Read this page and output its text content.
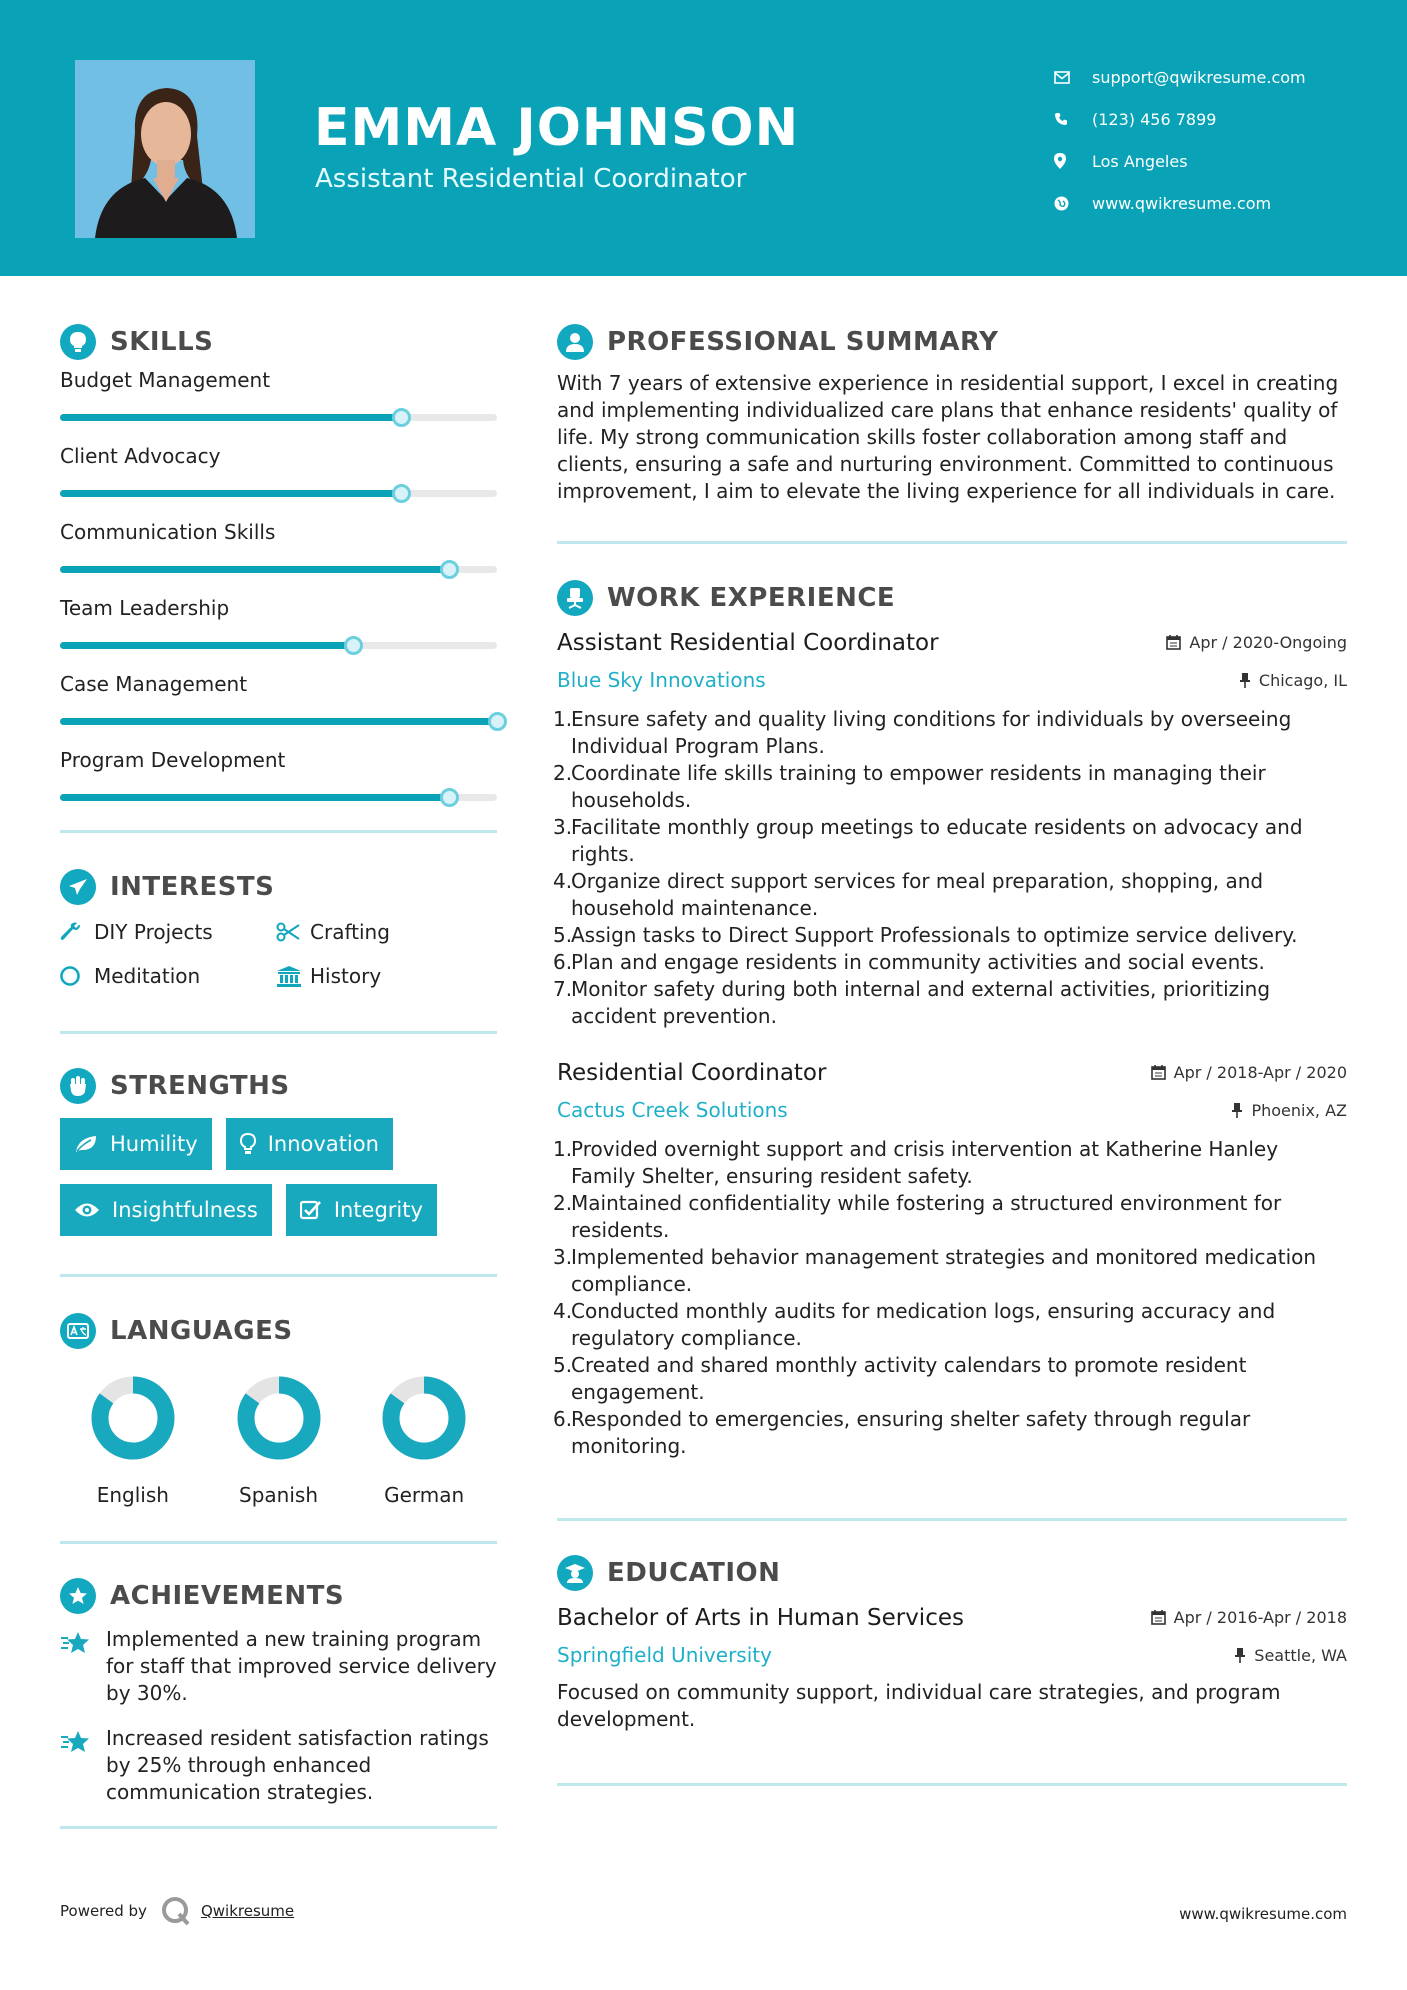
EMMA JOHNSON
Assistant Residential Coordinator
support@qwikresume.com
(123) 456 7899
Los Angeles
www.qwikresume.com
SKILLS
Budget Management
Client Advocacy
Communication Skills
Team Leadership
Case Management
Program Development
INTERESTS
DIY Projects	Crafting
Meditation	History
STRENGTHS
Humility	Innovation
Insightfulness	Integrity
LANGUAGES
English	Spanish	German
ACHIEVEMENTS
Implemented a new training program for staff that improved service delivery by 30%.
Increased resident satisfaction ratings by 25% through enhanced communication strategies.
PROFESSIONAL SUMMARY

With 7 years of extensive experience in residential support, I excel in creating and implementing individualized care plans that enhance residents' quality of life. My strong communication skills foster collaboration among staff and clients, ensuring a safe and nurturing environment. Committed to continuous improvement, I aim to elevate the living experience for all individuals in care.

WORK EXPERIENCE
Assistant Residential Coordinator	Apr / 2020-Ongoing
Blue Sky Innovations	Chicago, IL
1.
Ensure safety and quality living conditions for individuals by overseeing Individual Program Plans.
2.
Coordinate life skills training to empower residents in managing their households.
3.
Facilitate monthly group meetings to educate residents on advocacy and rights.
4.
Organize direct support services for meal preparation, shopping, and household maintenance.
5.
Assign tasks to Direct Support Professionals to optimize service delivery.
6.
Plan and engage residents in community activities and social events.
7.
Monitor safety during both internal and external activities, prioritizing accident prevention.
Residential Coordinator	Apr / 2018-Apr / 2020
Cactus Creek Solutions	Phoenix, AZ
1.
Provided overnight support and crisis intervention at Katherine Hanley Family Shelter, ensuring resident safety.
2.
Maintained confidentiality while fostering a structured environment for residents.
3.
Implemented behavior management strategies and monitored medication compliance.
4.
Conducted monthly audits for medication logs, ensuring accuracy and regulatory compliance.
5.
Created and shared monthly activity calendars to promote resident engagement.
6.
Responded to emergencies, ensuring shelter safety through regular monitoring.
EDUCATION
Bachelor of Arts in Human Services	Apr / 2016-Apr / 2018
Springfield University	Seattle, WA

Focused on community support, individual care strategies, and program development.

Powered by	Qwikresume	www.qwikresume.com
